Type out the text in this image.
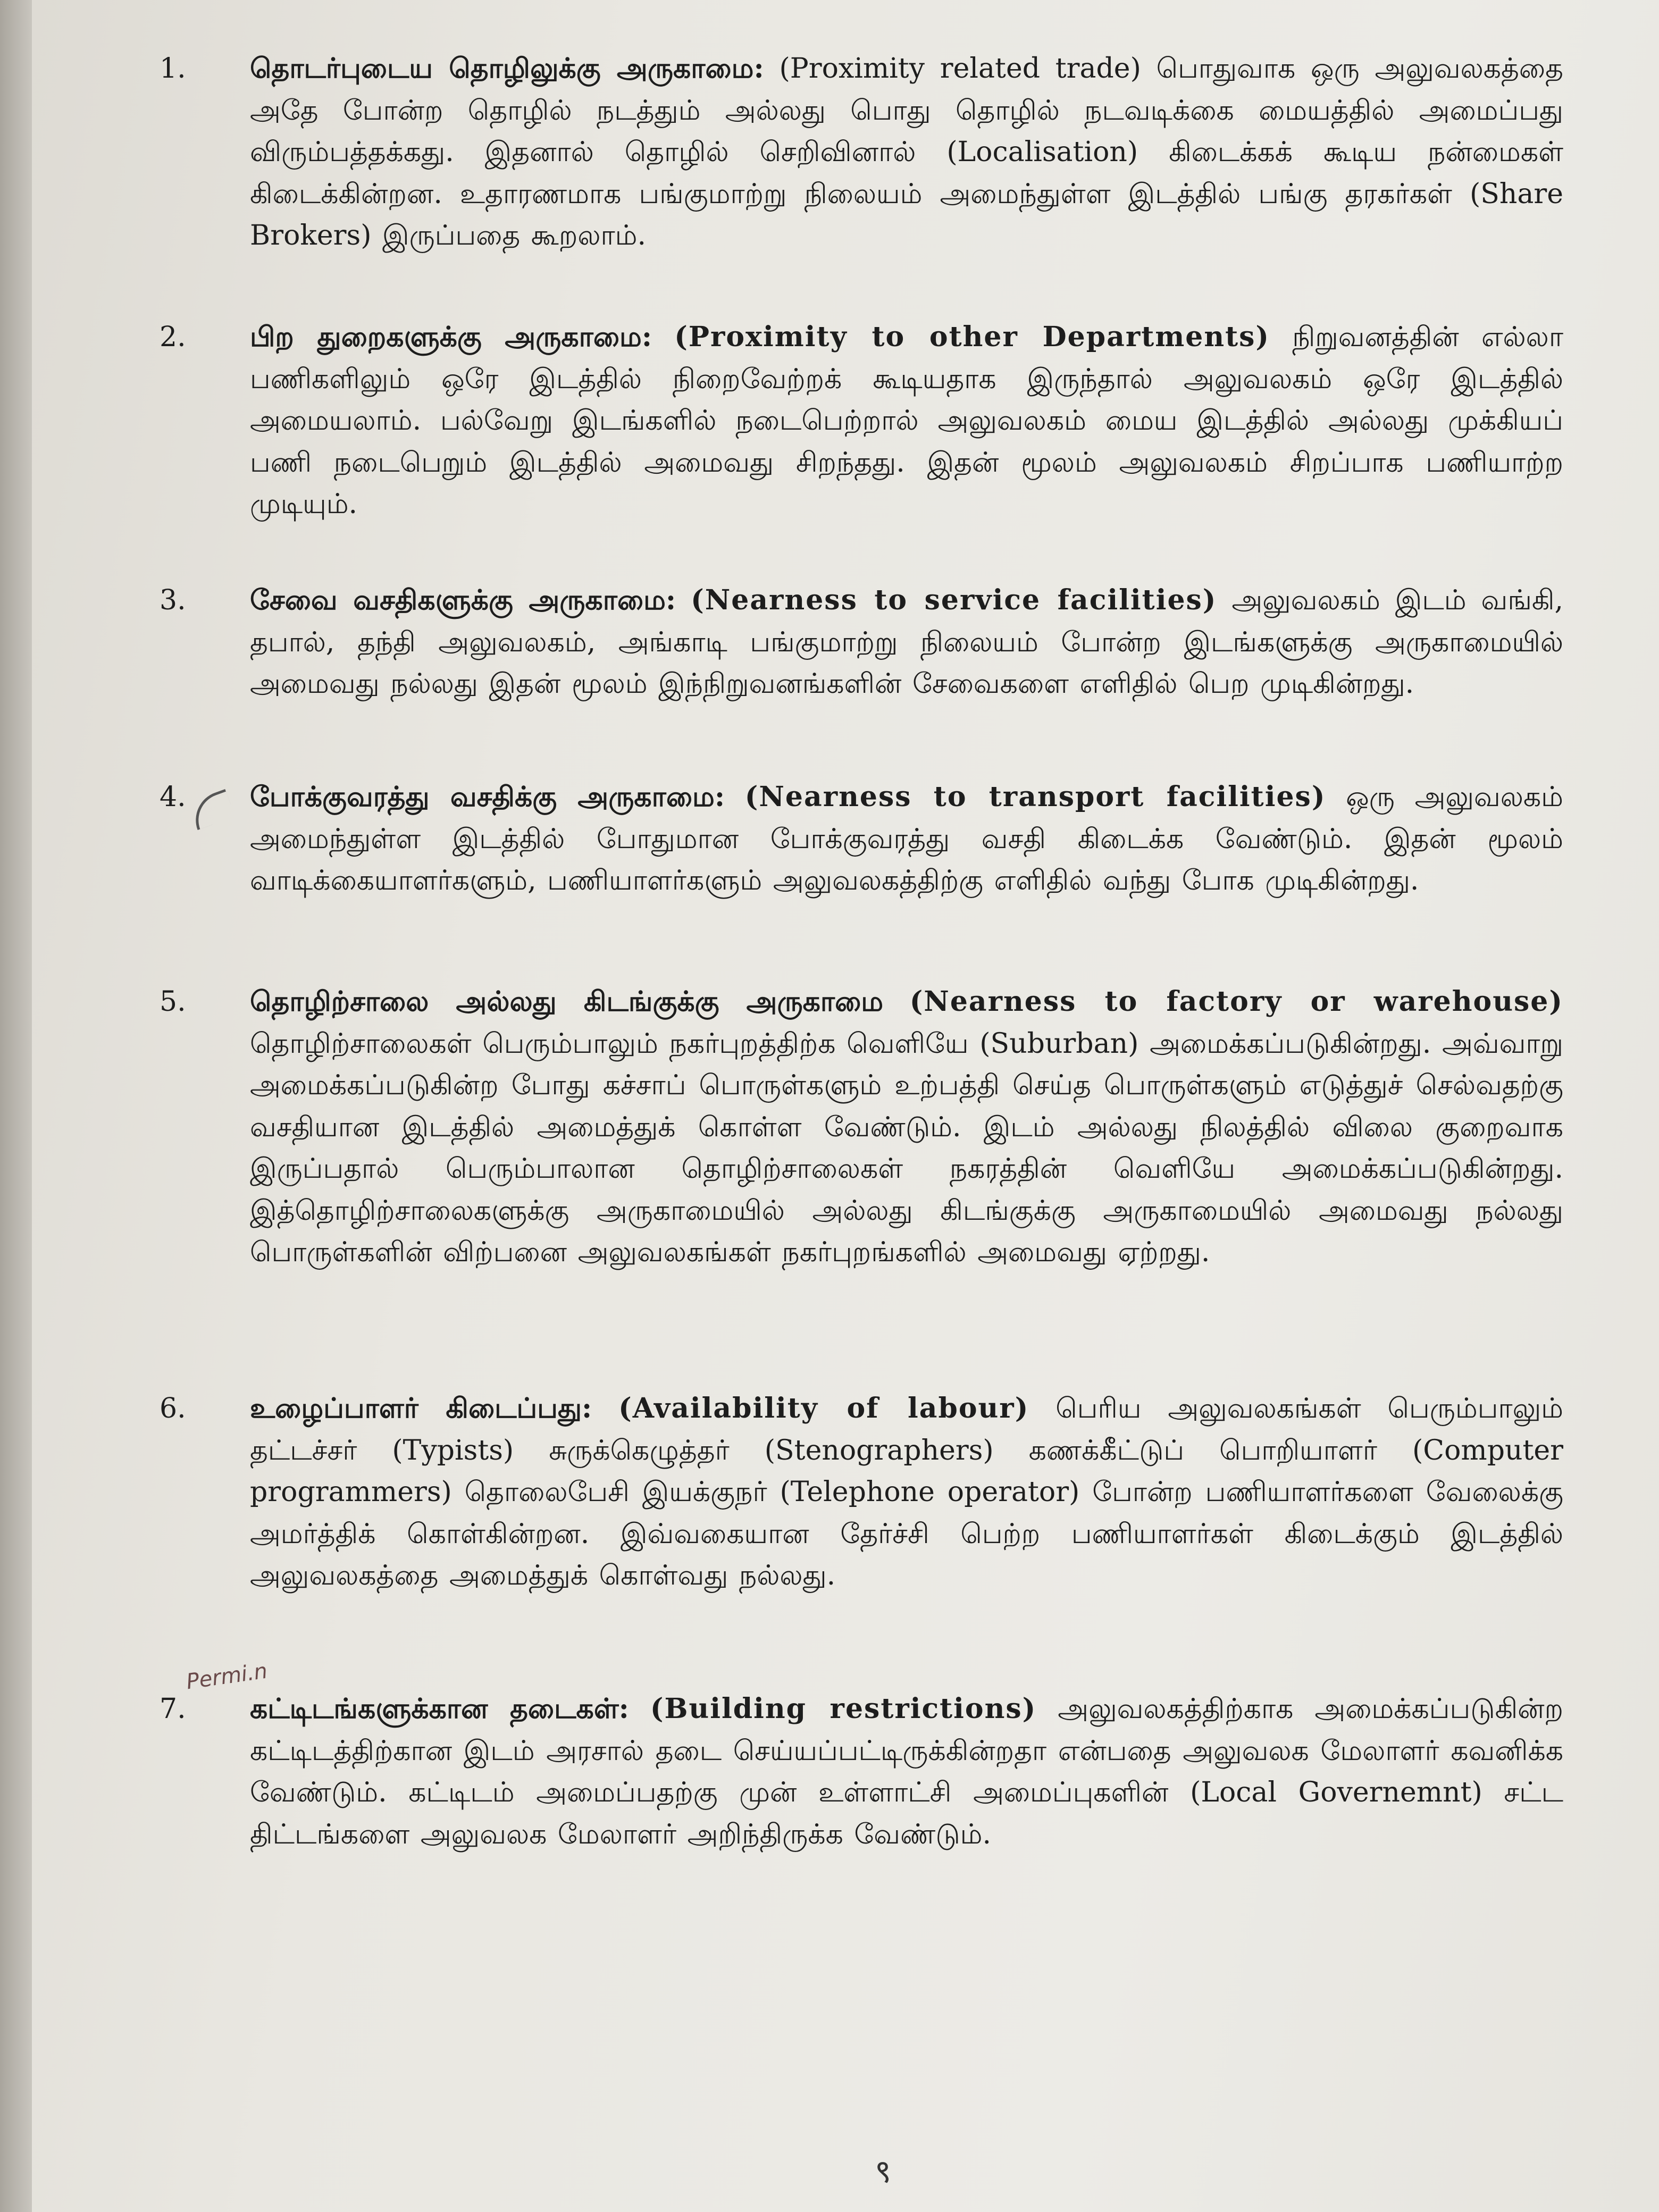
1. தொடர்புடைய தொழிலுக்கு அருகாமை: (Proximity related trade) பொதுவாக ஒரு அலுவலகத்தை அதே போன்ற தொழில் நடத்தும் அல்லது பொது தொழில் நடவடிக்கை மையத்தில் அமைப்பது விரும்பத்தக்கது. இதனால் தொழில் செறிவினால் (Localisation) கிடைக்கக் கூடிய நன்மைகள் கிடைக்கின்றன. உதாரணமாக பங்குமாற்று நிலையம் அமைந்துள்ள இடத்தில் பங்கு தரகர்கள் (Share Brokers) இருப்பதை கூறலாம்.
2. பிற துறைகளுக்கு அருகாமை: (Proximity to other Departments) நிறுவனத்தின் எல்லா பணிகளிலும் ஒரே இடத்தில் நிறைவேற்றக் கூடியதாக இருந்தால் அலுவலகம் ஒரே இடத்தில் அமையலாம். பல்வேறு இடங்களில் நடைபெற்றால் அலுவலகம் மைய இடத்தில் அல்லது முக்கியப் பணி நடைபெறும் இடத்தில் அமைவது சிறந்தது. இதன் மூலம் அலுவலகம் சிறப்பாக பணியாற்ற முடியும்.
3. சேவை வசதிகளுக்கு அருகாமை: (Nearness to service facilities) அலுவலகம் இடம் வங்கி, தபால், தந்தி அலுவலகம், அங்காடி பங்குமாற்று நிலையம் போன்ற இடங்களுக்கு அருகாமையில் அமைவது நல்லது இதன் மூலம் இந்நிறுவனங்களின் சேவைகளை எளிதில் பெற முடிகின்றது.
4. போக்குவரத்து வசதிக்கு அருகாமை: (Nearness to transport facilities) ஒரு அலுவலகம் அமைந்துள்ள இடத்தில் போதுமான போக்குவரத்து வசதி கிடைக்க வேண்டும். இதன் மூலம் வாடிக்கையாளர்களும், பணியாளர்களும் அலுவலகத்திற்கு எளிதில் வந்து போக முடிகின்றது.
5. தொழிற்சாலை அல்லது கிடங்குக்கு அருகாமை (Nearness to factory or warehouse) தொழிற்சாலைகள் பெரும்பாலும் நகர்புறத்திற்க வெளியே (Suburban) அமைக்கப்படுகின்றது. அவ்வாறு அமைக்கப்படுகின்ற போது கச்சாப் பொருள்களும் உற்பத்தி செய்த பொருள்களும் எடுத்துச் செல்வதற்கு வசதியான இடத்தில் அமைத்துக் கொள்ள வேண்டும். இடம் அல்லது நிலத்தில் விலை குறைவாக இருப்பதால் பெரும்பாலான தொழிற்சாலைகள் நகரத்தின் வெளியே அமைக்கப்படுகின்றது. இத்தொழிற்சாலைகளுக்கு அருகாமையில் அல்லது கிடங்குக்கு அருகாமையில் அமைவது நல்லது பொருள்களின் விற்பனை அலுவலகங்கள் நகர்புறங்களில் அமைவது ஏற்றது.
6. உழைப்பாளர் கிடைப்பது: (Availability of labour) பெரிய அலுவலகங்கள் பெரும்பாலும் தட்டச்சர் (Typists) சுருக்கெழுத்தர் (Stenographers) கணக்கீட்டுப் பொறியாளர் (Computer programmers) தொலைபேசி இயக்குநர் (Telephone operator) போன்ற பணியாளர்களை வேலைக்கு அமர்த்திக் கொள்கின்றன. இவ்வகையான தேர்ச்சி பெற்ற பணியாளர்கள் கிடைக்கும் இடத்தில் அலுவலகத்தை அமைத்துக் கொள்வது நல்லது.
7. கட்டிடங்களுக்கான தடைகள்: (Building restrictions) அலுவலகத்திற்காக அமைக்கப்படுகின்ற கட்டிடத்திற்கான இடம் அரசால் தடை செய்யப்பட்டிருக்கின்றதா என்பதை அலுவலக மேலாளர் கவனிக்க வேண்டும். கட்டிடம் அமைப்பதற்கு முன் உள்ளாட்சி அமைப்புகளின் (Local Governemnt) சட்ட திட்டங்களை அலுவலக மேலாளர் அறிந்திருக்க வேண்டும்.
Permi.n
९
